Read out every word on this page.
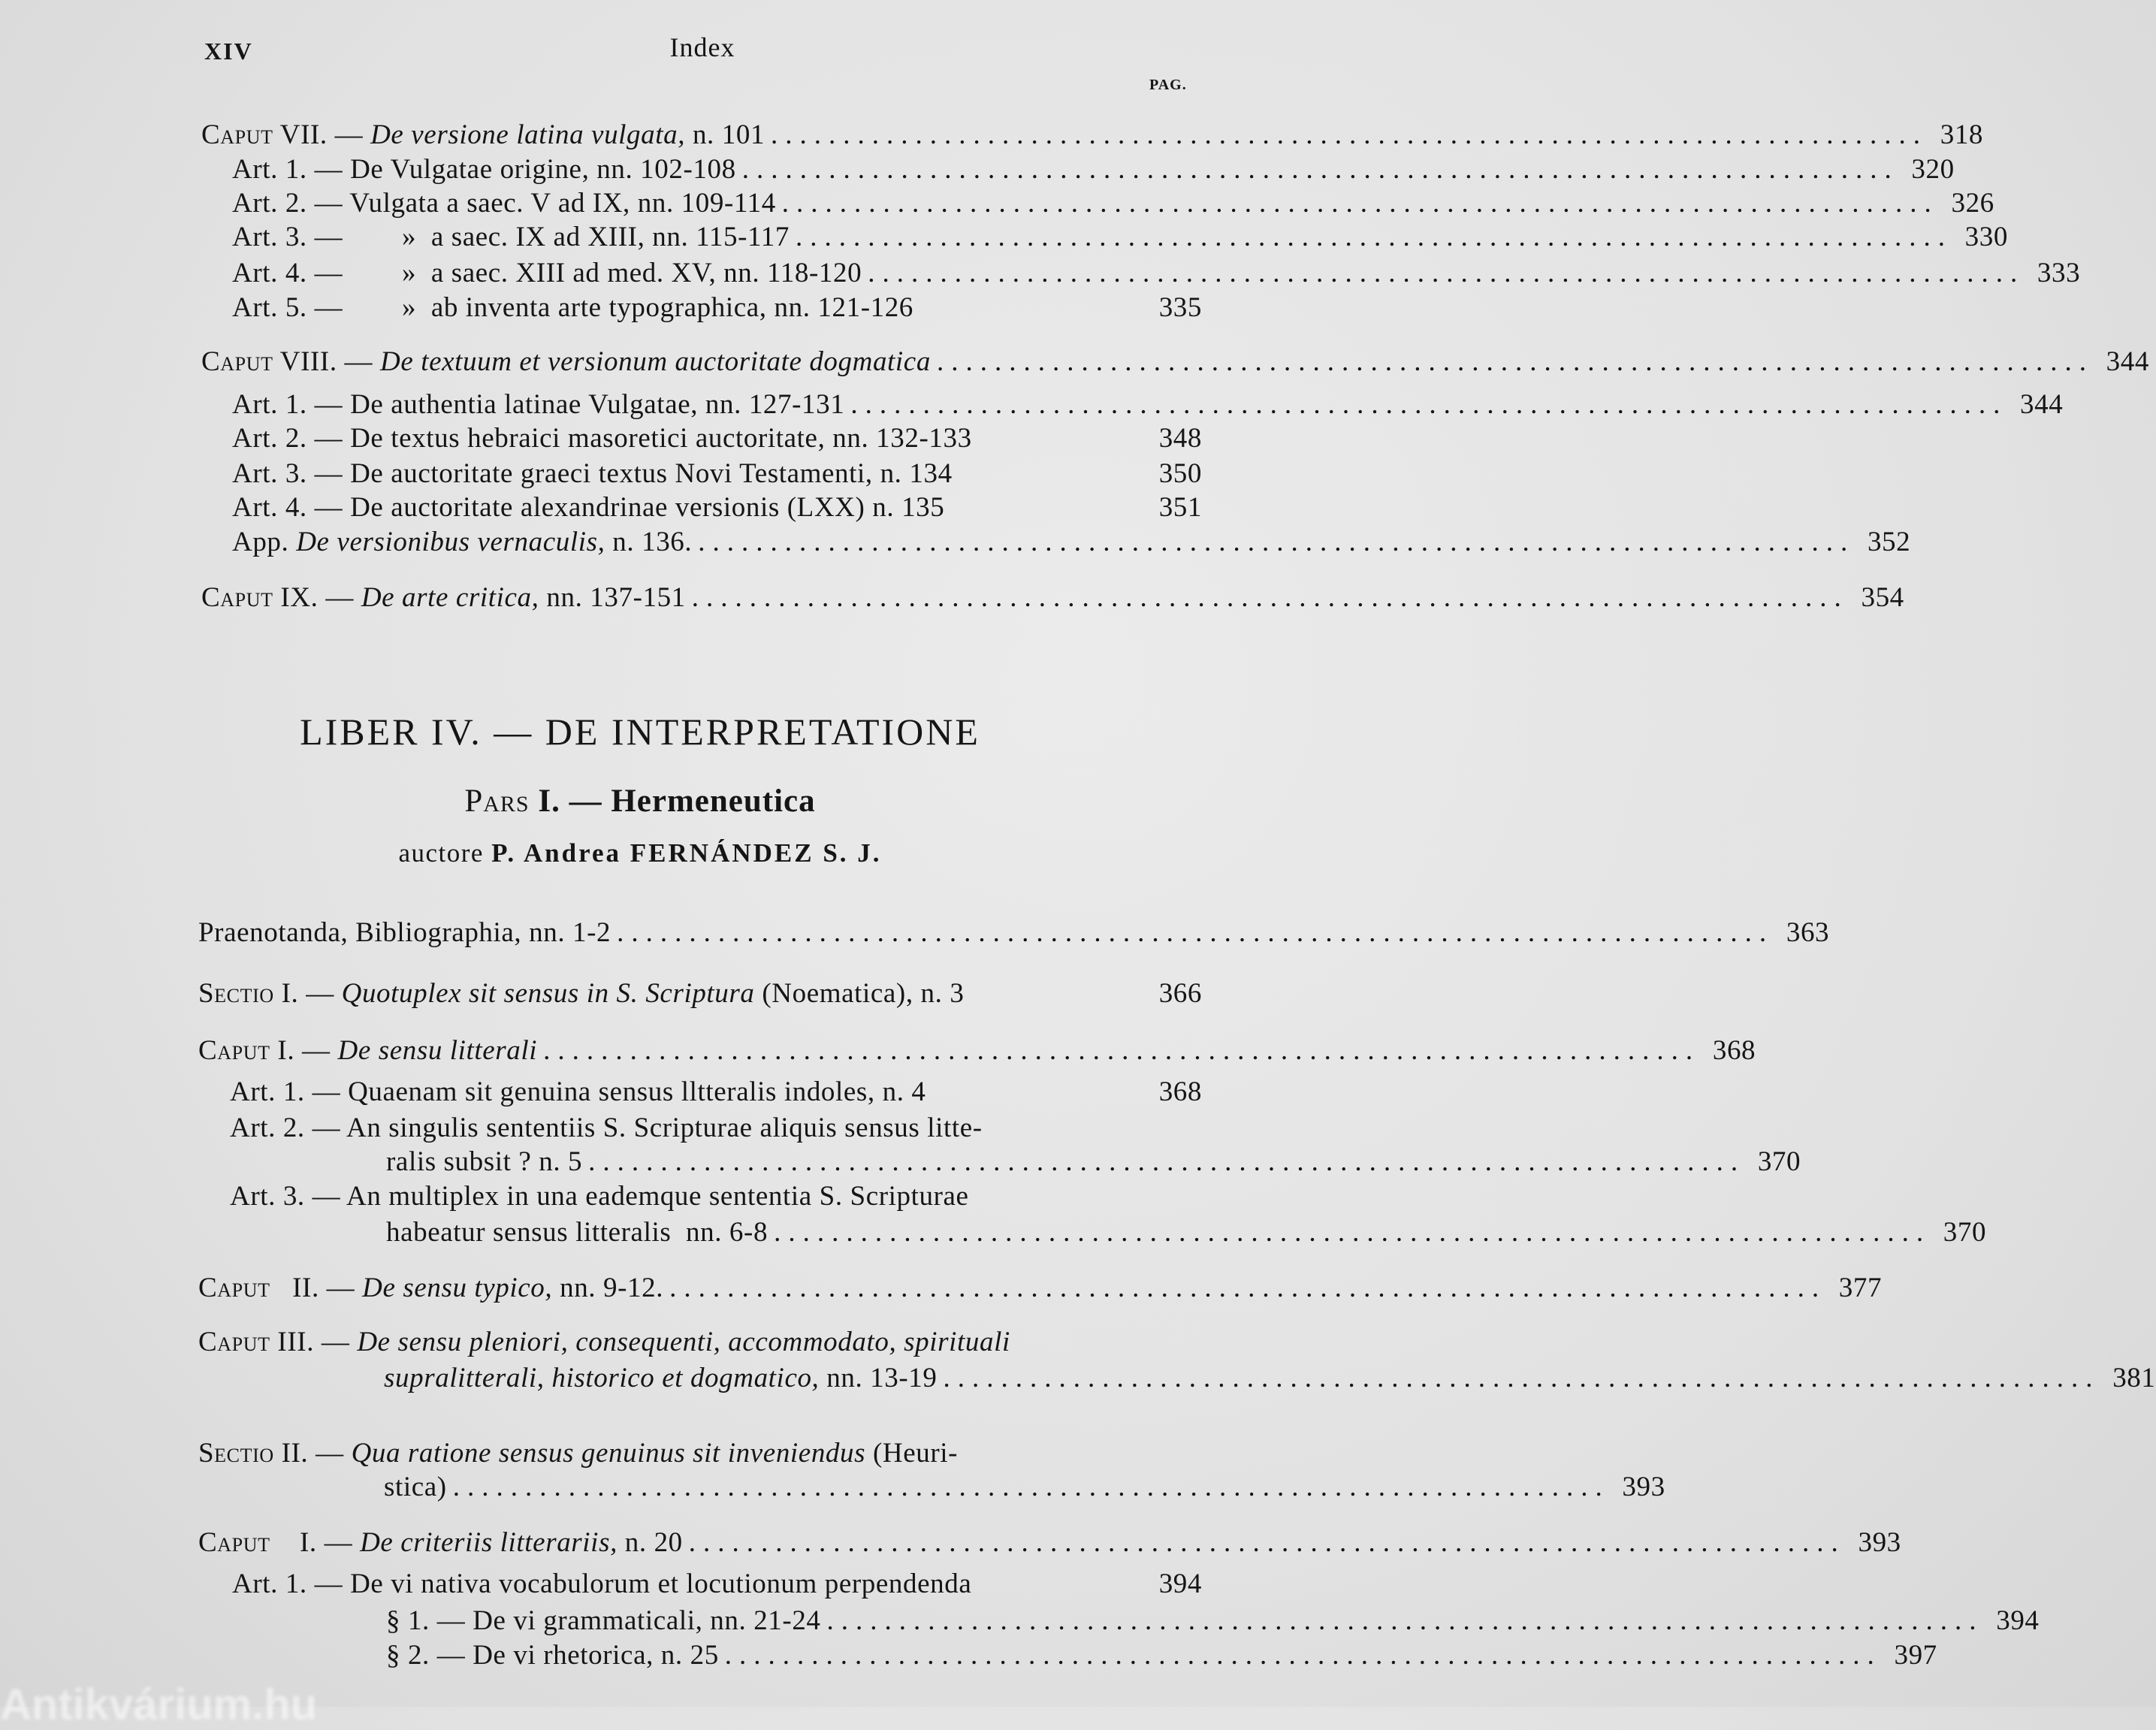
XIV	Index
PAG.
LIBER IV. — DE INTERPRETATIONE
Pars I. — Hermeneutica
auctore P. Andrea FERNÁNDEZ S. J.
Caput VII. — De versione latina vulgata, n. 101 ................................................................................ 318
Art. 1. — De Vulgatae origine, nn. 102-108 ................................................................................ 320
Art. 2. — Vulgata a saec. V ad IX, nn. 109-114 ................................................................................ 326
Art. 3. —        »  a saec. IX ad XIII, nn. 115-117 ................................................................................ 330
Art. 4. —        »  a saec. XIII ad med. XV, nn. 118-120 ................................................................................ 333
Art. 5. —        »  ab inventa arte typographica, nn. 121-126	335
Caput VIII. — De textuum et versionum auctoritate dogmatica ................................................................................ 344
Art. 1. — De authentia latinae Vulgatae, nn. 127-131 ................................................................................ 344
Art. 2. — De textus hebraici masoretici auctoritate, nn. 132-133	348
Art. 3. — De auctoritate graeci textus Novi Testamenti, n. 134	350
Art. 4. — De auctoritate alexandrinae versionis (LXX) n. 135	351
App. De versionibus vernaculis, n. 136. ................................................................................ 352
Caput IX. — De arte critica, nn. 137-151 ................................................................................ 354
Praenotanda, Bibliographia, nn. 1-2 ................................................................................ 363
Sectio I. — Quotuplex sit sensus in S. Scriptura (Noematica), n. 3	366
Caput I. — De sensu litterali ................................................................................ 368
Art. 1. — Quaenam sit genuina sensus lltteralis indoles, n. 4	368
Art. 2. — An singulis sententiis S. Scripturae aliquis sensus litte-
ralis subsit ? n. 5 ................................................................................ 370
Art. 3. — An multiplex in una eademque sententia S. Scripturae
habeatur sensus litteralis  nn. 6-8 ................................................................................ 370
Caput   II. — De sensu typico, nn. 9-12. ................................................................................ 377
Caput III. — De sensu pleniori, consequenti, accommodato, spirituali
supralitterali, historico et dogmatico, nn. 13-19 ................................................................................ 381
Sectio II. — Qua ratione sensus genuinus sit inveniendus (Heuri-
stica) ................................................................................ 393
Caput    I. — De criteriis litterariis, n. 20 ................................................................................ 393
Art. 1. — De vi nativa vocabulorum et locutionum perpendenda	394
§ 1. — De vi grammaticali, nn. 21-24 ................................................................................ 394
§ 2. — De vi rhetorica, n. 25 ................................................................................ 397
Antikvárium.hu
